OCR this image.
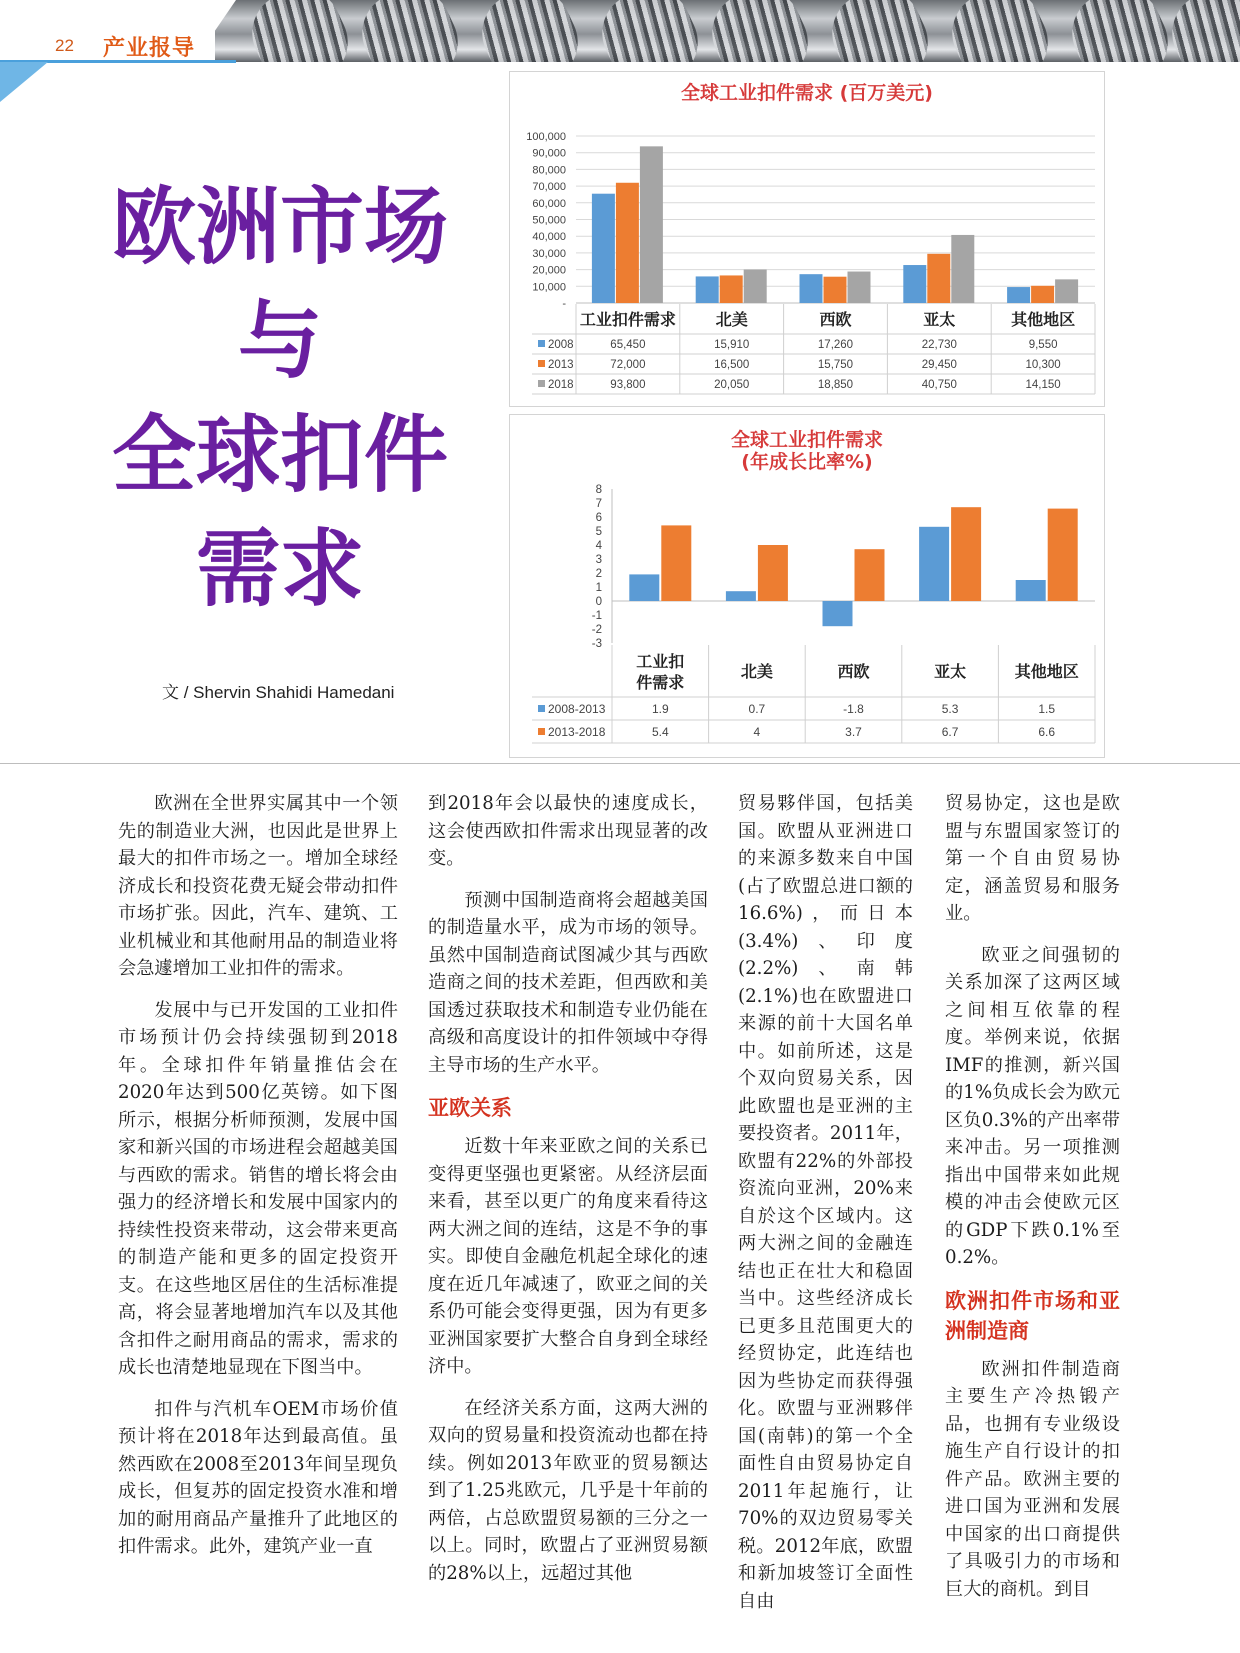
22 产业报导
欧洲市场
与
全球扣件
需求
文 / Shervin Shahidi Hamedani
全球工业扣件需求 (百万美元)
100,000
90,000
80,000
70,000
60,000
50,000
40,000
30,000
20,000
10,000
-
65,450
72,000
93,800
工业扣件需求
15,910
16,500
20,050
北美
17,260
15,750
18,850
西欧
22,730
29,450
40,750
亚太
9,550
10,300
14,150
其他地区
2008
2013
2018
全球工业扣件需求
(年成长比率%)
8
7
6
5
4
3
2
1
0
-1
-2
-3
工业扣
件需求
1.9
5.4
北美
0.7
4
西欧
-1.8
3.7
亚太
5.3
6.7
其他地区
1.5
6.6
2008-2013
2013-2018

欧洲在全世界实属其中一个领先的制造业大洲，也因此是世界上最大的扣件市场之一。增加全球经济成长和投资花费无疑会带动扣件市场扩张。因此，汽车、建筑、工业机械业和其他耐用品的制造业将会急遽增加工业扣件的需求。

发展中与已开发国的工业扣件市场预计仍会持续强韧到2018年。全球扣件年销量推估会在2020年达到500亿英镑。如下图所示，根据分析师预测，发展中国家和新兴国的市场进程会超越美国与西欧的需求。销售的增长将会由强力的经济增长和发展中国家内的持续性投资来带动，这会带来更高的制造产能和更多的固定投资开支。在这些地区居住的生活标准提高，将会显著地增加汽车以及其他含扣件之耐用商品的需求，需求的成长也清楚地显现在下图当中。

扣件与汽机车OEM市场价值预计将在2018年达到最高值。虽然西欧在2008至2013年间呈现负成长，但复苏的固定投资水准和增加的耐用商品产量推升了此地区的扣件需求。此外，建筑产业一直

到2018年会以最快的速度成长，这会使西欧扣件需求出现显著的改变。

预测中国制造商将会超越美国的制造量水平，成为市场的领导。虽然中国制造商试图减少其与西欧造商之间的技术差距，但西欧和美国透过获取技术和制造专业仍能在高级和高度设计的扣件领域中夺得主导市场的生产水平。

亚欧关系

近数十年来亚欧之间的关系已变得更坚强也更紧密。从经济层面来看，甚至以更广的角度来看待这两大洲之间的连结，这是不争的事实。即使自金融危机起全球化的速度在近几年减速了，欧亚之间的关系仍可能会变得更强，因为有更多亚洲国家要扩大整合自身到全球经济中。

在经济关系方面，这两大洲的双向的贸易量和投资流动也都在持续。例如2013年欧亚的贸易额达到了1.25兆欧元，几乎是十年前的两倍，占总欧盟贸易额的三分之一以上。同时，欧盟占了亚洲贸易额的28%以上，远超过其他

贸易夥伴国，包括美国。欧盟从亚洲进口的来源多数来自中国(占了欧盟总进口额的16.6%)，而日本(3.4%)、印度(2.2%)、南韩(2.1%)也在欧盟进口来源的前十大国名单中。如前所述，这是个双向贸易关系，因此欧盟也是亚洲的主要投资者。2011年，欧盟有22%的外部投资流向亚洲，20%来自於这个区域内。这两大洲之间的金融连结也正在壮大和稳固当中。这些经济成长已更多且范围更大的经贸协定，此连结也因为些协定而获得强化。欧盟与亚洲夥伴国(南韩)的第一个全面性自由贸易协定自2011年起施行，让70%的双边贸易零关税。2012年底，欧盟和新加坡签订全面性自由

贸易协定，这也是欧盟与东盟国家签订的第一个自由贸易协定，涵盖贸易和服务业。

欧亚之间强韧的关系加深了这两区域之间相互依靠的程度。举例来说，依据IMF的推测，新兴国的1%负成长会为欧元区负0.3%的产出率带来冲击。另一项推测指出中国带来如此规模的冲击会使欧元区的GDP下跌0.1%至0.2%。

欧洲扣件市场和亚洲制造商

欧洲扣件制造商主要生产冷热锻产品，也拥有专业级设施生产自行设计的扣件产品。欧洲主要的进口国为亚洲和发展中国家的出口商提供了具吸引力的市场和巨大的商机。到目
